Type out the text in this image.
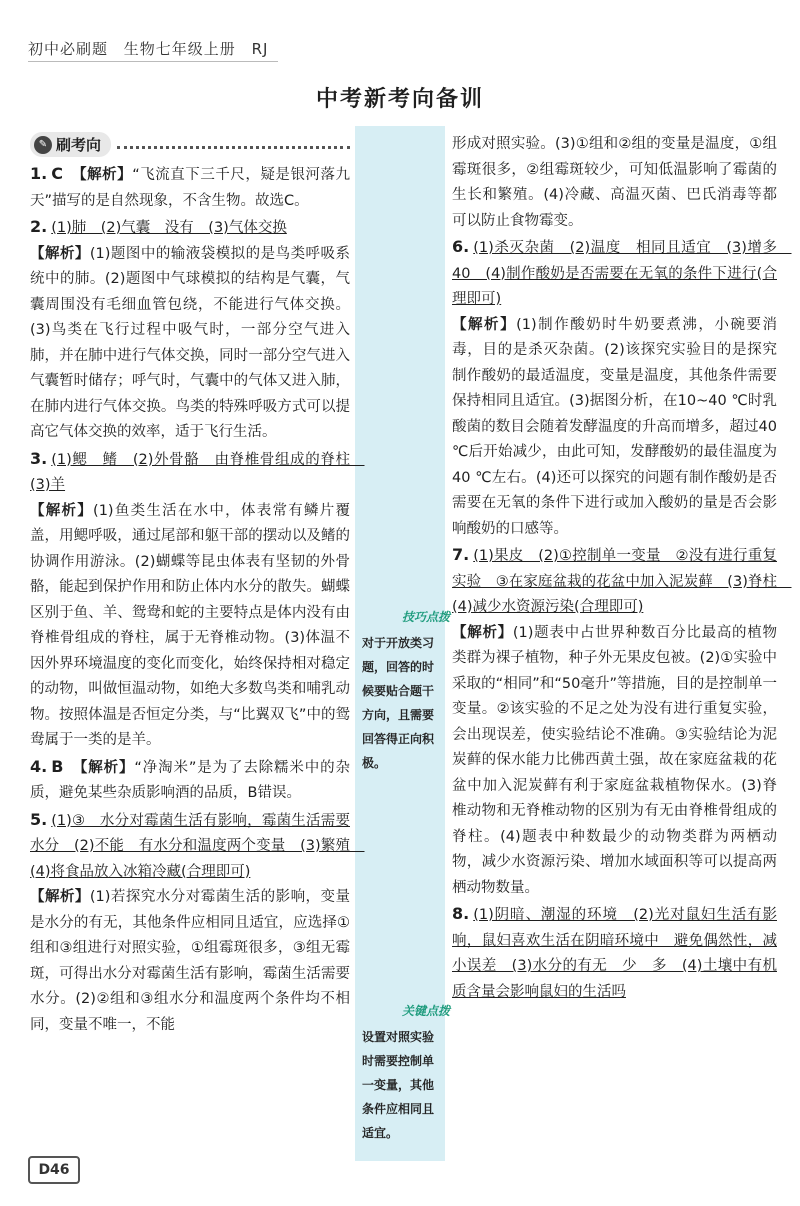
初中必刷题 生物七年级上册 RJ
中考新考向备训
技巧点拨
对于开放类习题，回答的时候要贴合题干方向，且需要回答得正向积极。
关键点拨
设置对照实验时需要控制单一变量，其他条件应相同且适宜。
✎ 刷考向
1. C 【解析】“飞流直下三千尺，疑是银河落九天”描写的是自然现象，不含生物。故选C。
2. (1)肺　(2)气囊　没有　(3)气体交换
【解析】(1)题图中的输液袋模拟的是鸟类呼吸系统中的肺。(2)题图中气球模拟的结构是气囊，气囊周围没有毛细血管包绕，不能进行气体交换。(3)鸟类在飞行过程中吸气时，一部分空气进入肺，并在肺中进行气体交换，同时一部分空气进入气囊暂时储存；呼气时，气囊中的气体又进入肺，在肺内进行气体交换。鸟类的特殊呼吸方式可以提高它气体交换的效率，适于飞行生活。
3. (1)鳃　鳍　(2)外骨骼　由脊椎骨组成的脊柱　(3)羊
【解析】(1)鱼类生活在水中，体表常有鳞片覆盖，用鳃呼吸，通过尾部和躯干部的摆动以及鳍的协调作用游泳。(2)蝴蝶等昆虫体表有坚韧的外骨骼，能起到保护作用和防止体内水分的散失。蝴蝶区别于鱼、羊、鸳鸯和蛇的主要特点是体内没有由脊椎骨组成的脊柱，属于无脊椎动物。(3)体温不因外界环境温度的变化而变化，始终保持相对稳定的动物，叫做恒温动物，如绝大多数鸟类和哺乳动物。按照体温是否恒定分类，与“比翼双飞”中的鸳鸯属于一类的是羊。
4. B 【解析】“净淘米”是为了去除糯米中的杂质，避免某些杂质影响酒的品质，B错误。
5. (1)③　水分对霉菌生活有影响，霉菌生活需要水分　(2)不能　有水分和温度两个变量　(3)繁殖　(4)将食品放入冰箱冷藏(合理即可)
【解析】(1)若探究水分对霉菌生活的影响，变量是水分的有无，其他条件应相同且适宜，应选择①组和③组进行对照实验，①组霉斑很多，③组无霉斑，可得出水分对霉菌生活有影响，霉菌生活需要水分。(2)②组和③组水分和温度两个条件均不相同，变量不唯一，不能
形成对照实验。(3)①组和②组的变量是温度，①组霉斑很多，②组霉斑较少，可知低温影响了霉菌的生长和繁殖。(4)冷藏、高温灭菌、巴氏消毒等都可以防止食物霉变。
6. (1)杀灭杂菌　(2)温度　相同且适宜　(3)增多　40　(4)制作酸奶是否需要在无氧的条件下进行(合理即可)
【解析】(1)制作酸奶时牛奶要煮沸，小碗要消毒，目的是杀灭杂菌。(2)该探究实验目的是探究制作酸奶的最适温度，变量是温度，其他条件需要保持相同且适宜。(3)据图分析，在10~40 ℃时乳酸菌的数目会随着发酵温度的升高而增多，超过40 ℃后开始减少，由此可知，发酵酸奶的最佳温度为40 ℃左右。(4)还可以探究的问题有制作酸奶是否需要在无氧的条件下进行或加入酸奶的量是否会影响酸奶的口感等。
7. (1)果皮　(2)①控制单一变量　②没有进行重复实验　③在家庭盆栽的花盆中加入泥炭藓　(3)脊柱　(4)减少水资源污染(合理即可)
【解析】(1)题表中占世界种数百分比最高的植物类群为裸子植物，种子外无果皮包被。(2)①实验中采取的“相同”和“50毫升”等措施，目的是控制单一变量。②该实验的不足之处为没有进行重复实验，会出现误差，使实验结论不准确。③实验结论为泥炭藓的保水能力比佛西黄土强，故在家庭盆栽的花盆中加入泥炭藓有利于家庭盆栽植物保水。(3)脊椎动物和无脊椎动物的区别为有无由脊椎骨组成的脊柱。(4)题表中种数最少的动物类群为两栖动物，减少水资源污染、增加水域面积等可以提高两栖动物数量。
8. (1)阴暗、潮湿的环境　(2)光对鼠妇生活有影响，鼠妇喜欢生活在阴暗环境中　避免偶然性，减小误差　(3)水分的有无　少　多　(4)土壤中有机质含量会影响鼠妇的生活吗
D46
